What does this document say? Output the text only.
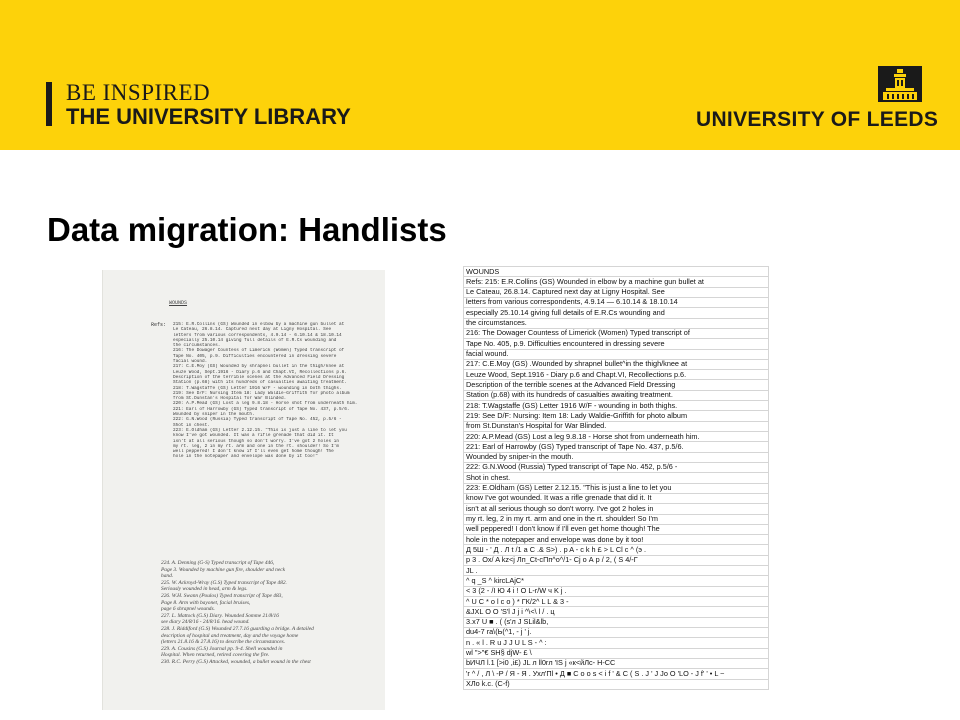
BE INSPIRED
THE UNIVERSITY LIBRARY	UNIVERSITY OF LEEDS
Data migration: Handlists
WOUNDS
Refs: 215: E.R.Collins (GS) Wounded in elbow by a machine gun bullet at
Le Cateau, 26.8.14. Captured next day at Ligny Hospital. See
letters from various correspondents, 4.9.14 - 6.10.14 & 18.10.14
especially 25.10.14 giving full details of E.R.Cs wounding and
the circumstances.
216: The Dowager Countess of Limerick (Women) Typed transcript of
Tape No. 405, p.9. Difficulties encountered in dressing severe
facial wound.
217: C.E.Moy (GS) Wounded by shrapnel bullet in the thigh/knee at
Leuze Wood, Sept.1916 - Diary p.6 and Chapt.VI, Recollections p.6.
Description of the terrible scenes at the Advanced Field Dressing
Station (p.68) with its hundreds of casualties awaiting treatment.
218: T.Wagstaffe (GS) Letter 1916 W/F - wounding in both thighs.
219: See D/F: Nursing Item 18: Lady Waldie-Griffith for photo album
from St.Dunstan's Hospital for War Blinded.
220: A.P.Mead (GS) Lost a leg 9.8.18 - Horse shot from underneath him.
221: Earl of Harrowby (GS) Typed transcript of Tape No. 437, p.5/6.
Wounded by sniper in the mouth.
222: G.N.Wood (Russia) Typed transcript of Tape No. 452, p.5/6 -
Shot in chest.
223: E.Oldham (GS) Letter 2.12.15. "This is just a line to let you
know I've got wounded. It was a rifle grenade that did it. It
isn't at all serious though so don't worry. I've got 2 holes in
my rt. leg, 2 in my rt. arm and one in the rt. shoulder! So I'm
well peppered! I don't know if I'll even get home though! The
hole in the notepaper and envelope was done by it too!"
224. A. Denning (G-S) Typed transcript of Tape 446,
Page 3. Wounded by machine gun fire, shoulder and neck
hand.
225. W. Ackroyd-Wray (G.S) Typed transcript of Tape 482.
Seriously wounded in head, arm & legs.
226. W.H. Swann (Poulos) Typed transcript of Tape 483,
Page 8. Arm with bayonet, facial bruises,
page 6 shrapnel wounds.
227. L. Mattock (G.S) Diary. Wounded Somme 21/8/16
see diary 24/8/16 - 24/8/16. head wound.
228. J. Riddiford (G.S) Wounded 27.7.16 guarding a bridge. A detailed
description of hospital and treatment, day and the voyage home
(letters 21.8.16 & 27.8.16) to describe the circumstances.
229. A. Cousins (G.S) Journal pp. 9-4. Shell wounded in
Hospital. When returned, retired covering the fire.
230. R.C. Perry (G.S) Attacked, wounded, a bullet wound in the chest
WOUNDS
Refs: 215: E.R.Collins (GS) Wounded in elbow by a machine gun bullet at
Le Cateau, 26.8.14. Captured next day at Ligny Hospital. See
letters from various correspondents, 4.9.14 — 6.10.14 & 18.10.14
especially 25.10.14 giving full details of E.R.Cs wounding and
the circumstances.
216: The Dowager Countess of Limerick (Women) Typed transcript of
Tape No. 405, p.9. Difficulties encountered in dressing severe
facial wound.
217: C.E.Moy (GS) .Wounded by shrapnel bullet^in the thigh/knee at
Leuze Wood, Sept.1916 - Diary p.6 and Chapt.VI, Recollections p.6.
Description of the terrible scenes at the Advanced Field Dressing
Station (p.68) with its hundreds of casualties awaiting treatment.
218: T.Wagstaffe (GS) Letter 1916 W/F - wounding in both thighs.
219: See D/F: Nursing: Item 18: Lady Waldie-Griffith for photo album
from St.Dunstan's Hospital for War Blinded.
220: A.P.Mead (GS) Lost a leg 9.8.18 - Horse shot from underneath him.
221: Earl of Harrowby (GS) Typed transcript of Tape No. 437, p.5/6.
Wounded by sniper-in the mouth.
222: G.N.Wood (Russia) Typed transcript of Tape No. 452, p.5/6 -
Shot in chest.
223: E.Oldham (GS) Letter 2.12.15. "This is just a line to let you
know I've got wounded. It was a rifle grenade that did it. It
isn't at all serious though so don't worry. I've got 2 holes in
my rt. leg, 2 in my rt. arm and one in the rt. shoulder! So I'm
well peppered! I don't know if I'll even get home though! The
hole in the notepaper and envelope was done by it too!
Д 5Ш - ' Д . Л t /1 a С .& S>) . p A - c k h £ > L Cl c ^ (э .
p 3 . Ox/ A kz<j Лп_Ct-cПп^о^/1- Cj о А р / 2, ( S 4/-Г
JL .
^ q _S ^ kircLAjC*
< 3 (2 - /I Ю 4 i ! O L-r/W ч K j .
^ U C * o l c o ) * ГК/2^ L L & 3 -
&JXL O O 'S'l J j i ^\<\ l / . ц
3.x7 U ■ . ( (s'л J SLil&lb,
du4-7 ra\(Ь(^1, - j ' j.
n . « l . R u J J U L S - ^ :
wl ">"€ SH§ djW- £ \
bИЧЛ l.1 [>i0 ,i£) JL л ll0rл 'IS j «к<йЛс- H-CC
'r ^ / , Л \ -Р / Я - Я . Ухл'Пl • Д ■ C o o s < i f ' & C ( S . J ' J Jo O 'LO - J f' ' • L ~
ХЛo k.c. (C-f)
